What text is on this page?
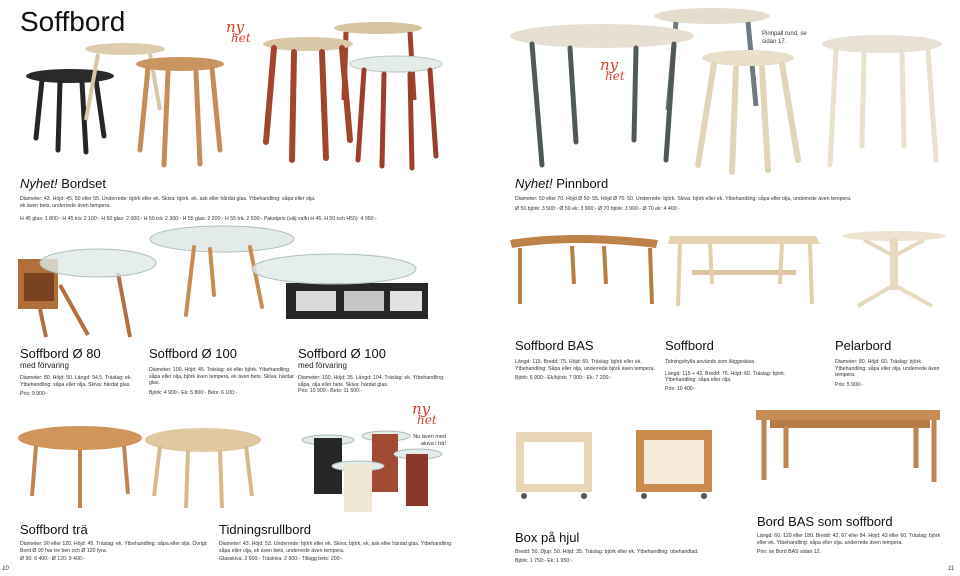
Soffbord	ny
het
ny
het
ny
het
Pinnpall rund, se sidan 17.
Nu även med akiva i trä!
Nyhet! Bordset
Diameter: 43. Höjd: 45, 50 eller 55. Underrede: björk eller ek. Skiva: björk, ek, ask eller hårdat glas. Ytbehandling: såpa eller olja, ek även bets, underrede även tempera.
H 45 glas: 1 800:- H 45 trä: 2 100:- H 50 glas: 2 000:- H 50 trä: 2 300:- H 55 glas: 2 200:- H 55 trä: 2 500:- Paketpris (välj valfri H 45, H 50 och H55): 4 950:-
Nyhet! Pinnbord
Diameter: 50 eller 70. Höjd Ø 50: 55. Höjd Ø 70: 50. Underrede: björk. Skiva: björk eller ek. Ytbehandling: såpa eller olja, underrede även tempera.
Ø 50 björk: 3 500:- Ø 50 ek: 3 900:- Ø 70 björk: 3 900:- Ø 70 ek: 4 400:-
Soffbord Ø 80
med förvaring
Diameter: 80. Höjd: 50. Längd: 94,5. Träslag: ek. Ytbehandling: såpa eller olja. Skiva: härdat glas.
Pris: 9 900:-
Soffbord Ø 100
Diameter: 100. Höjd: 45. Träslag: ek eller björk. Ytbehandling: såpa eller olja, björk även tempera, ek även bets. Skiva: härdat glas.
Björk: 4 900:- Ek: 5 800:- Bets: 6 100:-
Soffbord Ø 100
med förvaring
Diameter: 100. Höjd: 35. Längd: 104. Träslag: ek. Ytbehandling: såpa, olja eller bets. Skiva: härdat glas.
Pris: 10 900:- Bets: 11 500:-
Soffbord BAS
Längd: 115. Bredd: 75. Höjd: 60. Träslag: björk eller ek. Ytbehandling: Såpa eller olja, underrede björk även tempera.
Björk: 6 900:- Ek/björk: 7 000:- Ek: 7 200:-
Soffbord
Tidningshylla används som iläggsskiva.
Längd: 115 + 42. Bredd: 75. Höjd: 60. Träslag: björk. Ytbehandling: såpa eller olja.
Pris: 10 400:-
Pelarbord
Diameter: 80. Höjd: 60. Träslag: björk. Ytbehandling: såpa eller olja, underrede även tempera.
Pris: 5 900:-
Soffbord trä
Diameter: 90 eller 120. Höjd: 45. Träslag: ek. Ytbehandling: såpa eller olja. Övrigt: Bord Ø 90 har tre ben och Ø 120 fyra.
Ø 90: 6 400:- Ø 120: 9 400:-
Tidningsrullbord
Diameter: 43. Höjd: 53. Underrede: björk eller ek. Skiva: björk, ek, ask eller härdat glas. Ytbehandling: såpa eller olja, ek även bets, underrede även tempera.
Glasskiva: 2 600:- Träskiva: 2 900:- Tillägg bets: 200:-
Box på hjul
Bredd: 50. Djup: 50. Höjd: 35. Träslag: björk eller ek. Ytbehandling: obehandlad.
Björk: 1 750:- Ek: 1 950:-
Bord BAS som soffbord
Längd: 60, 120 eller 180. Bredd: 42, 67 eller 84. Höjd: 43 eller 60. Träslag: björk eller ek. Ytbehandling: såpa eller olja, underrede även tempera.
Pris: se Bord BAS sidan 12.
10	11
